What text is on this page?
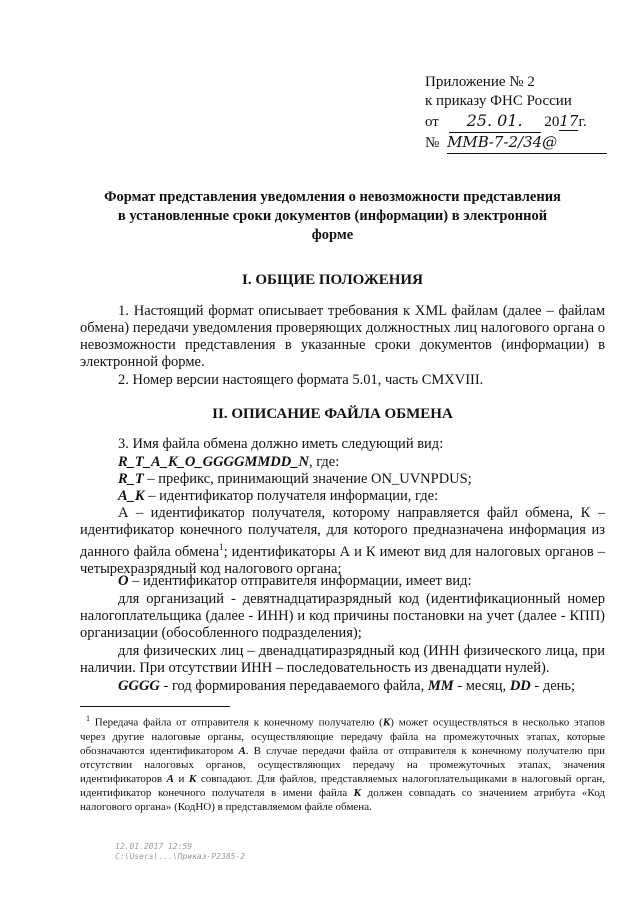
Приложение № 2
к приказу ФНС России
от 25. 01. 2017г.
№ ММВ-7-2/34@
Формат представления уведомления о невозможности представления в установленные сроки документов (информации) в электронной форме
I. ОБЩИЕ ПОЛОЖЕНИЯ
1. Настоящий формат описывает требования к XML файлам (далее – файлам обмена) передачи уведомления проверяющих должностных лиц налогового органа о невозможности представления в указанные сроки документов (информации) в электронной форме.
2. Номер версии настоящего формата 5.01, часть CMXVIII.
II. ОПИСАНИЕ ФАЙЛА ОБМЕНА
3. Имя файла обмена должно иметь следующий вид:
R_T_A_K_O_GGGGMMDD_N, где:
R_T – префикс, принимающий значение ON_UVNPDUS;
A_K – идентификатор получателя информации, где:
А – идентификатор получателя, которому направляется файл обмена, К – идентификатор конечного получателя, для которого предназначена информация из данного файла обмена$^1$; идентификаторы А и К имеют вид для налоговых органов – четырехразрядный код налогового органа;
O – идентификатор отправителя информации, имеет вид:
для организаций - девятнадцатиразрядный код (идентификационный номер налогоплательщика (далее - ИНН) и код причины постановки на учет (далее - КПП) организации (обособленного подразделения);
для физических лиц – двенадцатиразрядный код (ИНН физического лица, при наличии. При отсутствии ИНН – последовательность из двенадцати нулей).
GGGG - год формирования передаваемого файла, MM - месяц, DD - день;
$^1$ Передача файла от отправителя к конечному получателю (К) может осуществляться в несколько этапов через другие налоговые органы, осуществляющие передачу файла на промежуточных этапах, которые обозначаются идентификатором А. В случае передачи файла от отправителя к конечному получателю при отсутствии налоговых органов, осуществляющих передачу на промежуточных этапах, значения идентификаторов А и К совпадают. Для файлов, представляемых налогоплательщиками в налоговый орган, идентификатор конечного получателя в имени файла К должен совпадать со значением атрибута «Код налогового органа» (КодНО) в представляемом файле обмена.
12.01.2017 12:59
C:\Users\...\Приказ-Р2385-2
